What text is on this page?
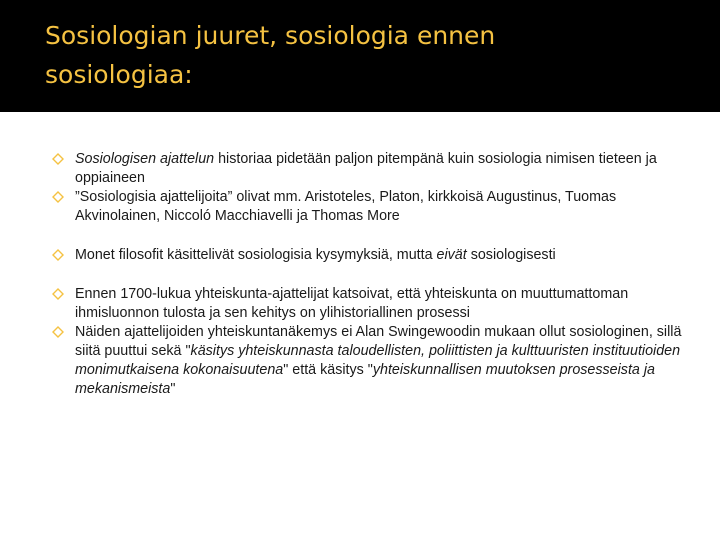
Sosiologian juuret, sosiologia ennen
sosiologiaa:
Sosiologisen ajattelun historiaa pidetään paljon pitempänä kuin sosiologia nimisen tieteen ja oppiaineen
”Sosiologisia ajattelijoita” olivat mm. Aristoteles, Platon, kirkkoisä Augustinus, Tuomas Akvinolainen, Niccoló Macchiavelli ja Thomas More
Monet filosofit käsittelivät sosiologisia kysymyksiä, mutta eivät sosiologisesti
Ennen 1700-lukua yhteiskunta-ajattelijat katsoivat, että yhteiskunta on muuttumattoman ihmisluonnon tulosta ja sen kehitys on ylihistoriallinen prosessi
Näiden ajattelijoiden yhteiskuntanäkemys ei Alan Swingewoodin mukaan ollut sosiologinen, sillä siitä puuttui sekä "käsitys yhteiskunnasta taloudellisten, poliittisten ja kulttuuristen instituutioiden monimutkaisena kokonaisuutena" että käsitys "yhteiskunnallisen muutoksen prosesseista ja mekanismeista"
